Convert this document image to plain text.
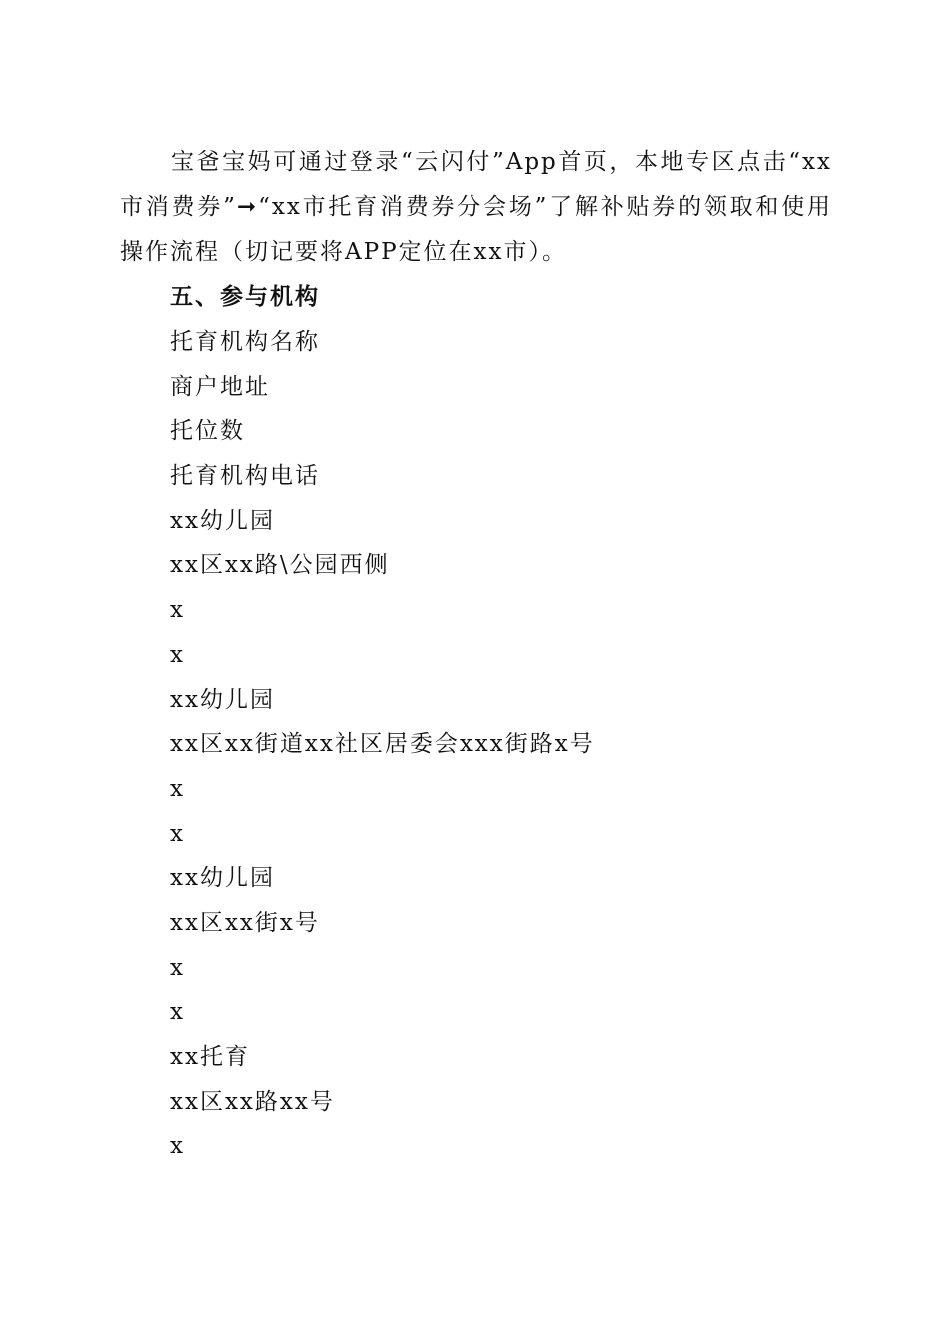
宝爸宝妈可通过登录“云闪付”App首页，本地专区点击“xx市消费券”➞“xx市托育消费券分会场”了解补贴券的领取和使用操作流程（切记要将APP定位在xx市）。

五、参与机构
托育机构名称
商户地址
托位数
托育机构电话
xx幼儿园
xx区xx路\公园西侧
x
x
xx幼儿园
xx区xx街道xx社区居委会xxx街路x号
x
x
xx幼儿园
xx区xx街x号
x
x
xx托育
xx区xx路xx号
x
